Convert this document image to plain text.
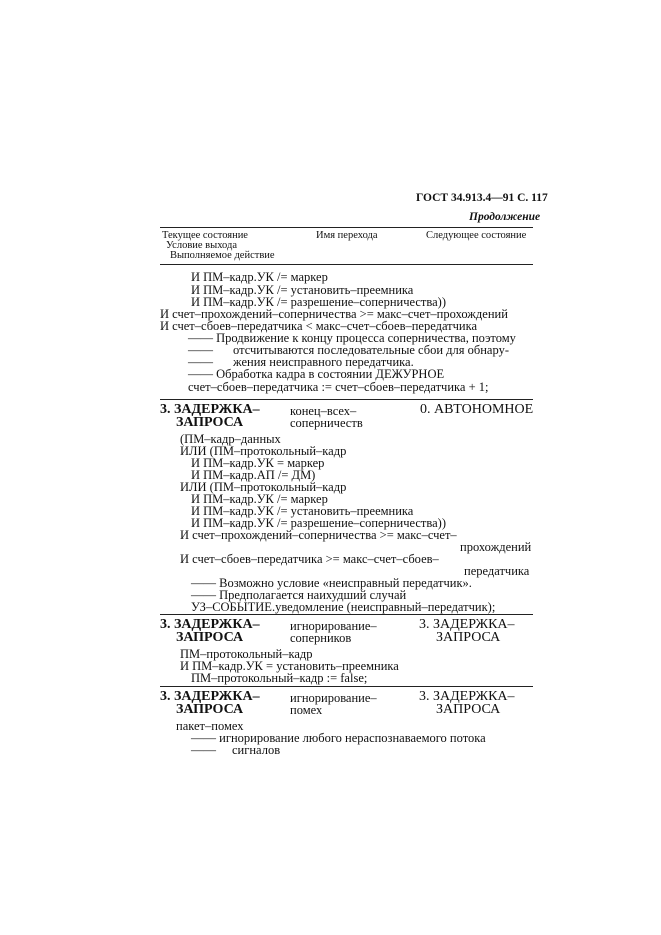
ГОСТ 34.913.4—91 С. 117
Продолжение
Текущее состояние
Условие выхода
Выполняемое действие
Имя перехода	Следующее состояние
И ПМ–кадр.УК /= маркер
И ПМ–кадр.УК /= установить–преемника
И ПМ–кадр.УК /= разрешение–соперничества))
И счет–прохождений–соперничества >= макс–счет–прохождений
И счет–сбоев–передатчика < макс–счет–сбоев–передатчика
—— Продвижение к концу процесса соперничества, поэтому
—— отсчитываются последовательные сбои для обнару-
—— жения неисправного передатчика.
—— Обработка кадра в состоянии ДЕЖУРНОЕ
счет–сбоев–передатчика := счет–сбоев–передатчика + 1;
3. ЗАДЕРЖКА–
ЗАПРОСА
конец–всех–
соперничеств
0. АВТОНОМНОЕ
(ПМ–кадр–данных
ИЛИ (ПМ–протокольный–кадр
И ПМ–кадр.УК = маркер
И ПМ–кадр.АП /= ДМ)
ИЛИ (ПМ–протокольный–кадр
И ПМ–кадр.УК /= маркер
И ПМ–кадр.УК /= установить–преемника
И ПМ–кадр.УК /= разрешение–соперничества))
И счет–прохождений–соперничества >= макс–счет–
прохождений
И счет–сбоев–передатчика >= макс–счет–сбоев–
передатчика
—— Возможно условие «неисправный передатчик».
—— Предполагается наихудший случай
УЗ–СОБЫТИЕ.уведомление (неисправный–передатчик);
3. ЗАДЕРЖКА–
ЗАПРОСА
игнорирование–
соперников
3. ЗАДЕРЖКА–
ЗАПРОСА
ПМ–протокольный–кадр
И ПМ–кадр.УК = установить–преемника
ПМ–протокольный–кадр := false;
3. ЗАДЕРЖКА–
ЗАПРОСА
игнорирование–
помех
3. ЗАДЕРЖКА–
ЗАПРОСА
пакет–помех
—— игнорирование любого нераспознаваемого потока
—— сигналов
